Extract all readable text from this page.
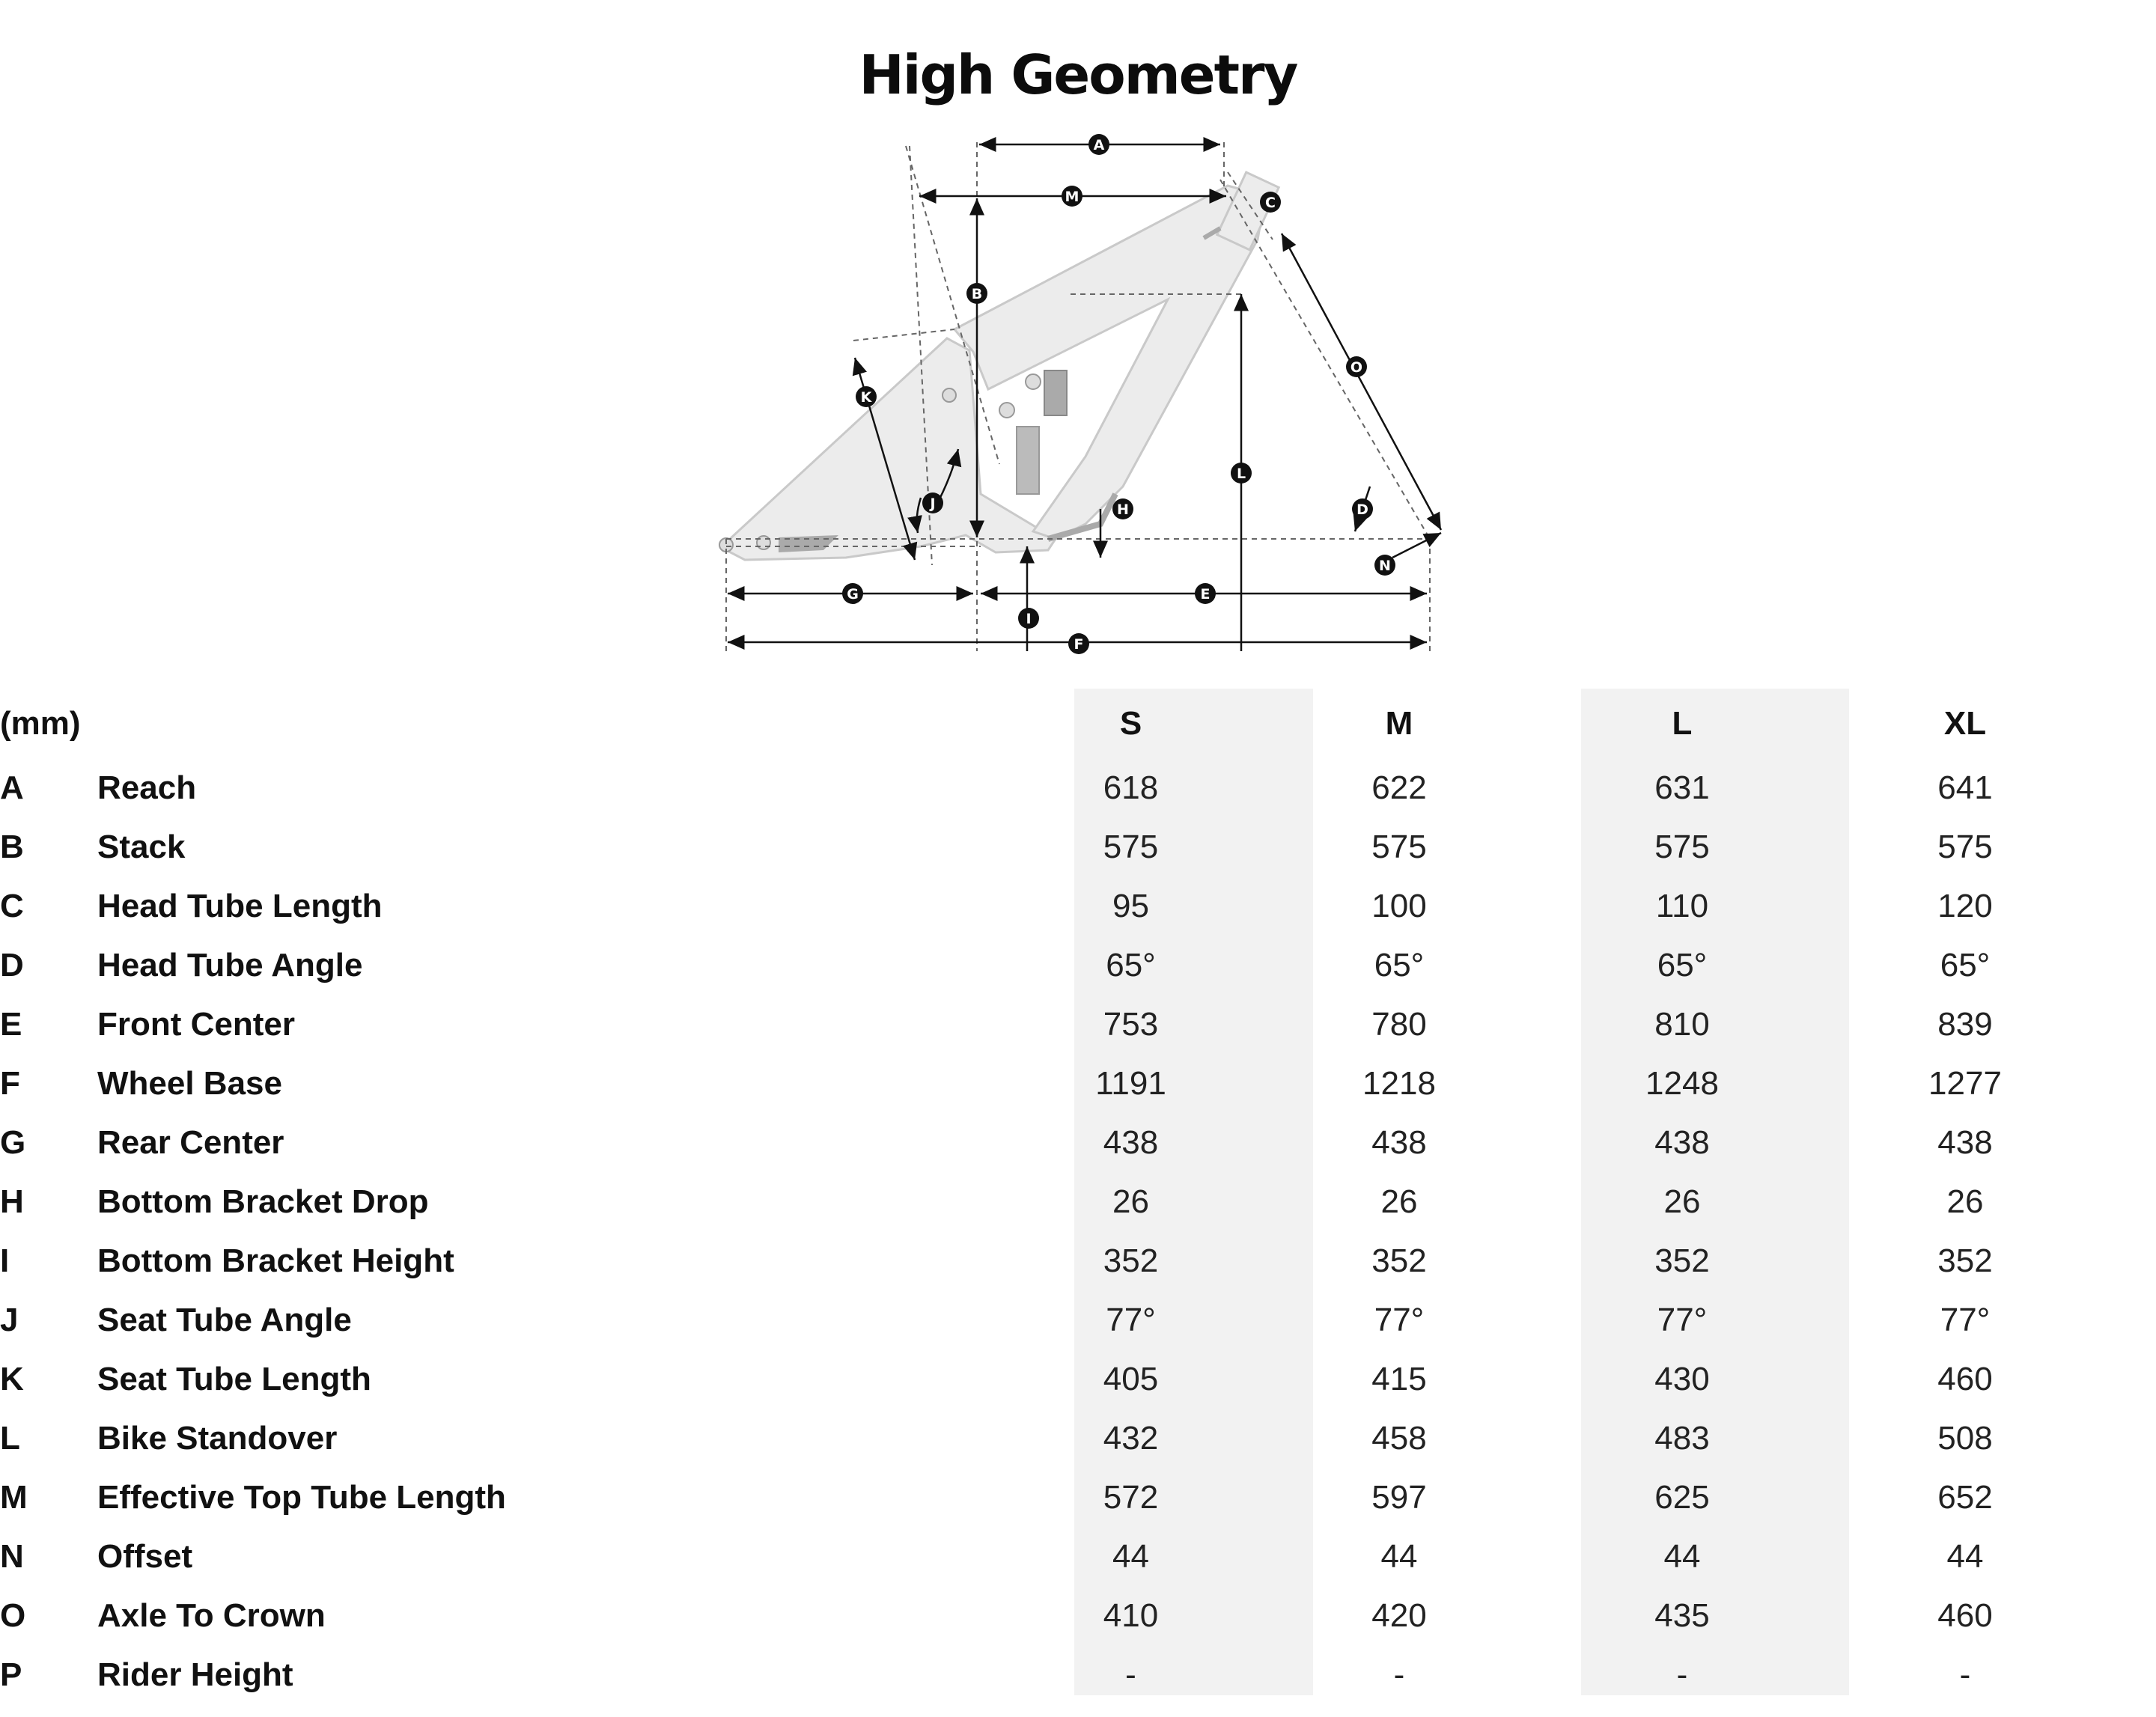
High Geometry
A
B
C
D
E
F
G
H
I
J
K
L
M
N
O
(mm)		S		M		L		XL
A	Reach	618		622		631		641
B	Stack	575		575		575		575
C	Head Tube Length	95		100		110		120
D	Head Tube Angle	65°		65°		65°		65°
E	Front Center	753		780		810		839
F	Wheel Base	1191		1218		1248		1277
G	Rear Center	438		438		438		438
H	Bottom Bracket Drop	26		26		26		26
I	Bottom Bracket Height	352		352		352		352
J	Seat Tube Angle	77°		77°		77°		77°
K	Seat Tube Length	405		415		430		460
L	Bike Standover	432		458		483		508
M	Effective Top Tube Length	572		597		625		652
N	Offset	44		44		44		44
O	Axle To Crown	410		420		435		460
P	Rider Height	-		-		-		-
